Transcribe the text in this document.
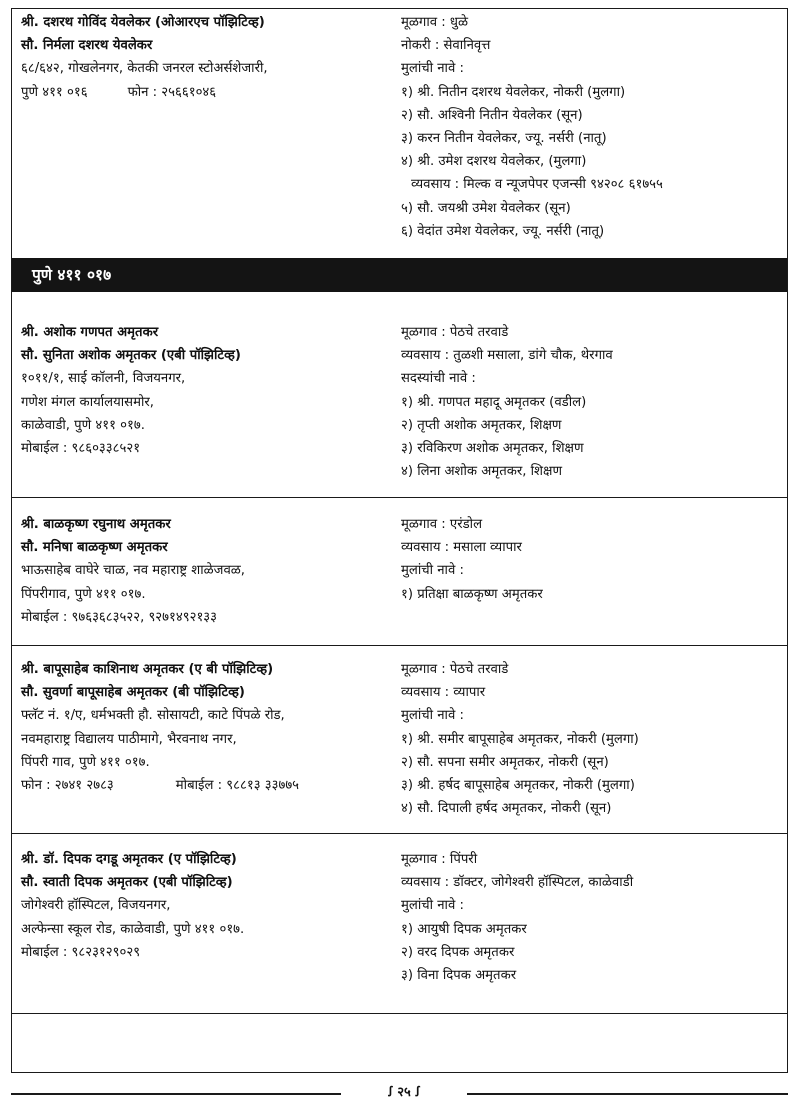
श्री. दशरथ गोविंद येवलेकर (ओआरएच पॉझिटिव्ह)
सौ. निर्मला दशरथ येवलेकर
६८/६४२, गोखलेनगर, केतकी जनरल स्टोअर्सशेजारी,
पुणे ४११ ०१६	फोन : २५६६१०४६
मूळगाव : धुळे
नोकरी : सेवानिवृत्त
मुलांची नावे :
१) श्री. नितीन दशरथ येवलेकर, नोकरी (मुलगा)
२) सौ. अश्विनी नितीन येवलेकर (सून)
३) करन नितीन येवलेकर, ज्यू. नर्सरी (नातू)
४) श्री. उमेश दशरथ येवलेकर, (मुलगा)
व्यवसाय : मिल्क व न्यूजपेपर एजन्सी ९४२०८ ६१७५५
५) सौ. जयश्री उमेश येवलेकर (सून)
६) वेदांत उमेश येवलेकर, ज्यू. नर्सरी (नातू)
पुणे ४११ ०१७
श्री. अशोक गणपत अमृतकर
सौ. सुनिता अशोक अमृतकर (एबी पॉझिटिव्ह)
१०११/१, साई कॉलनी, विजयनगर,
गणेश मंगल कार्यालयासमोर,
काळेवाडी, पुणे ४११ ०१७.
मोबाईल : ९८६०३३८५२१
मूळगाव : पेठचे तरवाडे
व्यवसाय : तुळशी मसाला, डांगे चौक, थेरगाव
सदस्यांची नावे :
१) श्री. गणपत महादू अमृतकर (वडील)
२) तृप्ती अशोक अमृतकर, शिक्षण
३) रविकिरण अशोक अमृतकर, शिक्षण
४) लिना अशोक अमृतकर, शिक्षण
श्री. बाळकृष्ण रघुनाथ अमृतकर
सौ. मनिषा बाळकृष्ण अमृतकर
भाऊसाहेब वाघेरे चाळ, नव महाराष्ट्र शाळेजवळ,
पिंपरीगाव, पुणे ४११ ०१७.
मोबाईल : ९७६३६८३५२२, ९२७१४९२१३३
मूळगाव : एरंडोल
व्यवसाय : मसाला व्यापार
मुलांची नावे :
१) प्रतिक्षा बाळकृष्ण अमृतकर
श्री. बापूसाहेब काशिनाथ अमृतकर (ए बी पॉझिटिव्ह)
सौ. सुवर्णा बापूसाहेब अमृतकर (बी पॉझिटिव्ह)
फ्लॅट नं. १/ए, धर्मभक्ती हौ. सोसायटी, काटे पिंपळे रोड,
नवमहाराष्ट्र विद्यालय पाठीमागे, भैरवनाथ नगर,
पिंपरी गाव, पुणे ४११ ०१७.
फोन : २७४१ २७८३	मोबाईल : ९८८१३ ३३७७५
मूळगाव : पेठचे तरवाडे
व्यवसाय : व्यापार
मुलांची नावे :
१) श्री. समीर बापूसाहेब अमृतकर, नोकरी (मुलगा)
२) सौ. सपना समीर अमृतकर, नोकरी (सून)
३) श्री. हर्षद बापूसाहेब अमृतकर, नोकरी (मुलगा)
४) सौ. दिपाली हर्षद अमृतकर, नोकरी (सून)
श्री. डॉ. दिपक दगडू अमृतकर (ए पॉझिटिव्ह)
सौ. स्वाती दिपक अमृतकर (एबी पॉझिटिव्ह)
जोगेश्वरी हॉस्पिटल, विजयनगर,
अल्फेन्सा स्कूल रोड, काळेवाडी, पुणे ४११ ०१७.
मोबाईल : ९८२३१२९०२९
मूळगाव : पिंपरी
व्यवसाय : डॉक्टर, जोगेश्वरी हॉस्पिटल, काळेवाडी
मुलांची नावे :
१) आयुषी दिपक अमृतकर
२) वरद दिपक अमृतकर
३) विना दिपक अमृतकर
ꭍ २५ ꭍ
